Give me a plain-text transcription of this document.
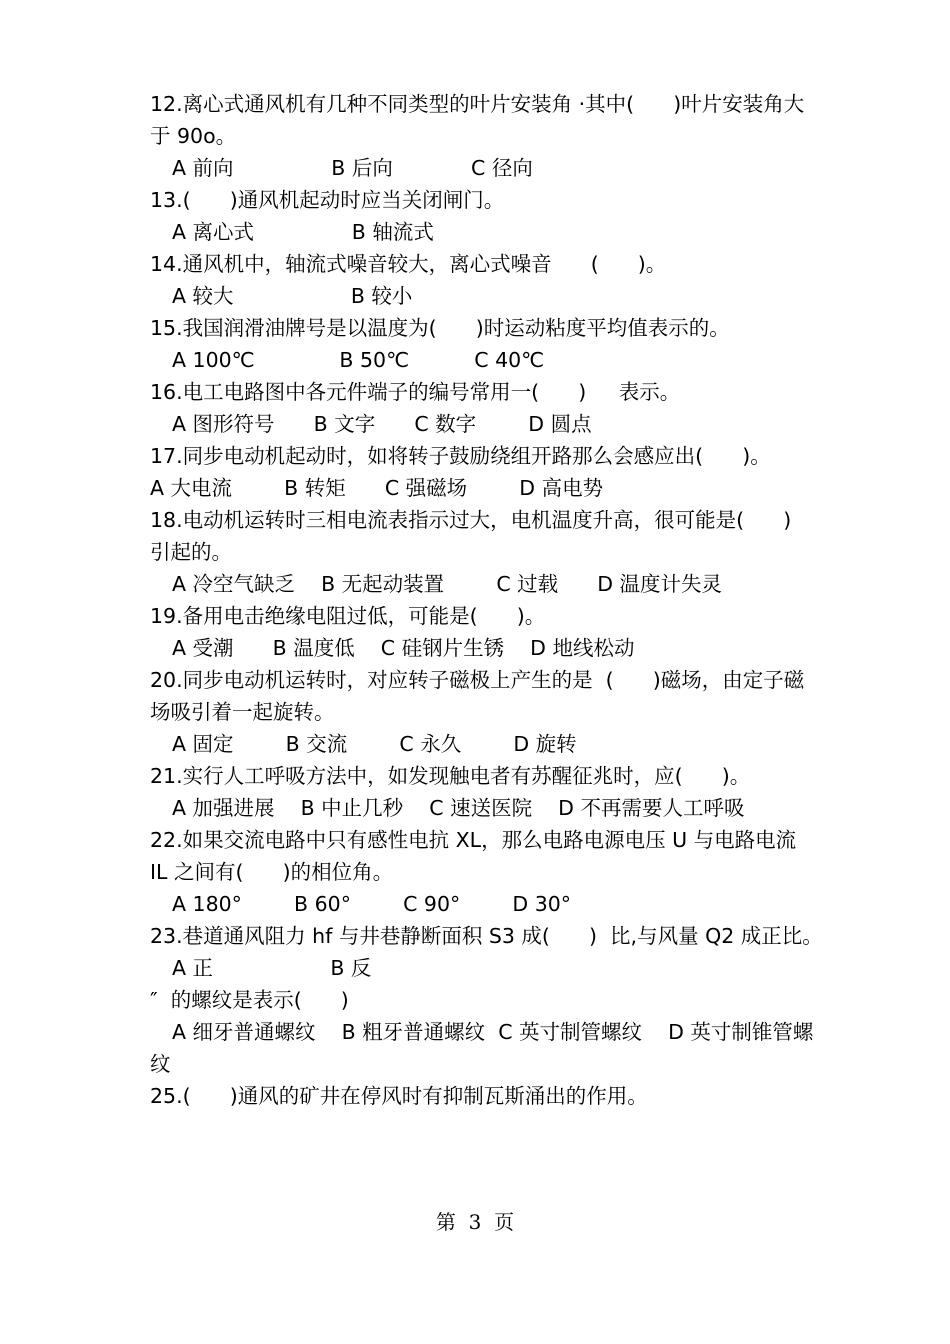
12.离心式通风机有几种不同类型的叶片安装角 ·其中(      )叶片安装角大
于 90o。
A 前向               B 后向            C 径向
13.(      )通风机起动时应当关闭闸门。
A 离心式               B 轴流式
14.通风机中，轴流式噪音较大，离心式噪音      (      )。
A 较大                  B 较小
15.我国润滑油牌号是以温度为(      )时运动粘度平均值表示的。
A 100℃             B 50℃          C 40℃
16.电工电路图中各元件端子的编号常用一(      )     表示。
A 图形符号      B 文字      C 数字        D 圆点
17.同步电动机起动时，如将转子鼓励绕组开路那么会感应出(      )。
A 大电流        B 转矩      C 强磁场        D 高电势
18.电动机运转时三相电流表指示过大，电机温度升高，很可能是(      )
引起的。
A 冷空气缺乏    B 无起动装置        C 过载      D 温度计失灵
19.备用电击绝缘电阻过低，可能是(      )。
A 受潮      B 温度低    C 硅钢片生锈    D 地线松动
20.同步电动机运转时，对应转子磁极上产生的是  (      )磁场，由定子磁
场吸引着一起旋转。
A 固定        B 交流        C 永久        D 旋转
21.实行人工呼吸方法中，如发现触电者有苏醒征兆时，应(      )。
A 加强进展    B 中止几秒    C 速送医院    D 不再需要人工呼吸
22.如果交流电路中只有感性电抗 XL，那么电路电源电压 U 与电路电流
IL 之间有(      )的相位角。
A 180°        B 60°        C 90°        D 30°
23.巷道通风阻力 hf 与井巷静断面积 S3 成(      )  比,与风量 Q2 成正比。
A 正                  B 反
″  的螺纹是表示(      )
A 细牙普通螺纹    B 粗牙普通螺纹  C 英寸制管螺纹    D 英寸制锥管螺
纹
25.(      )通风的矿井在停风时有抑制瓦斯涌出的作用。
第  3  页
